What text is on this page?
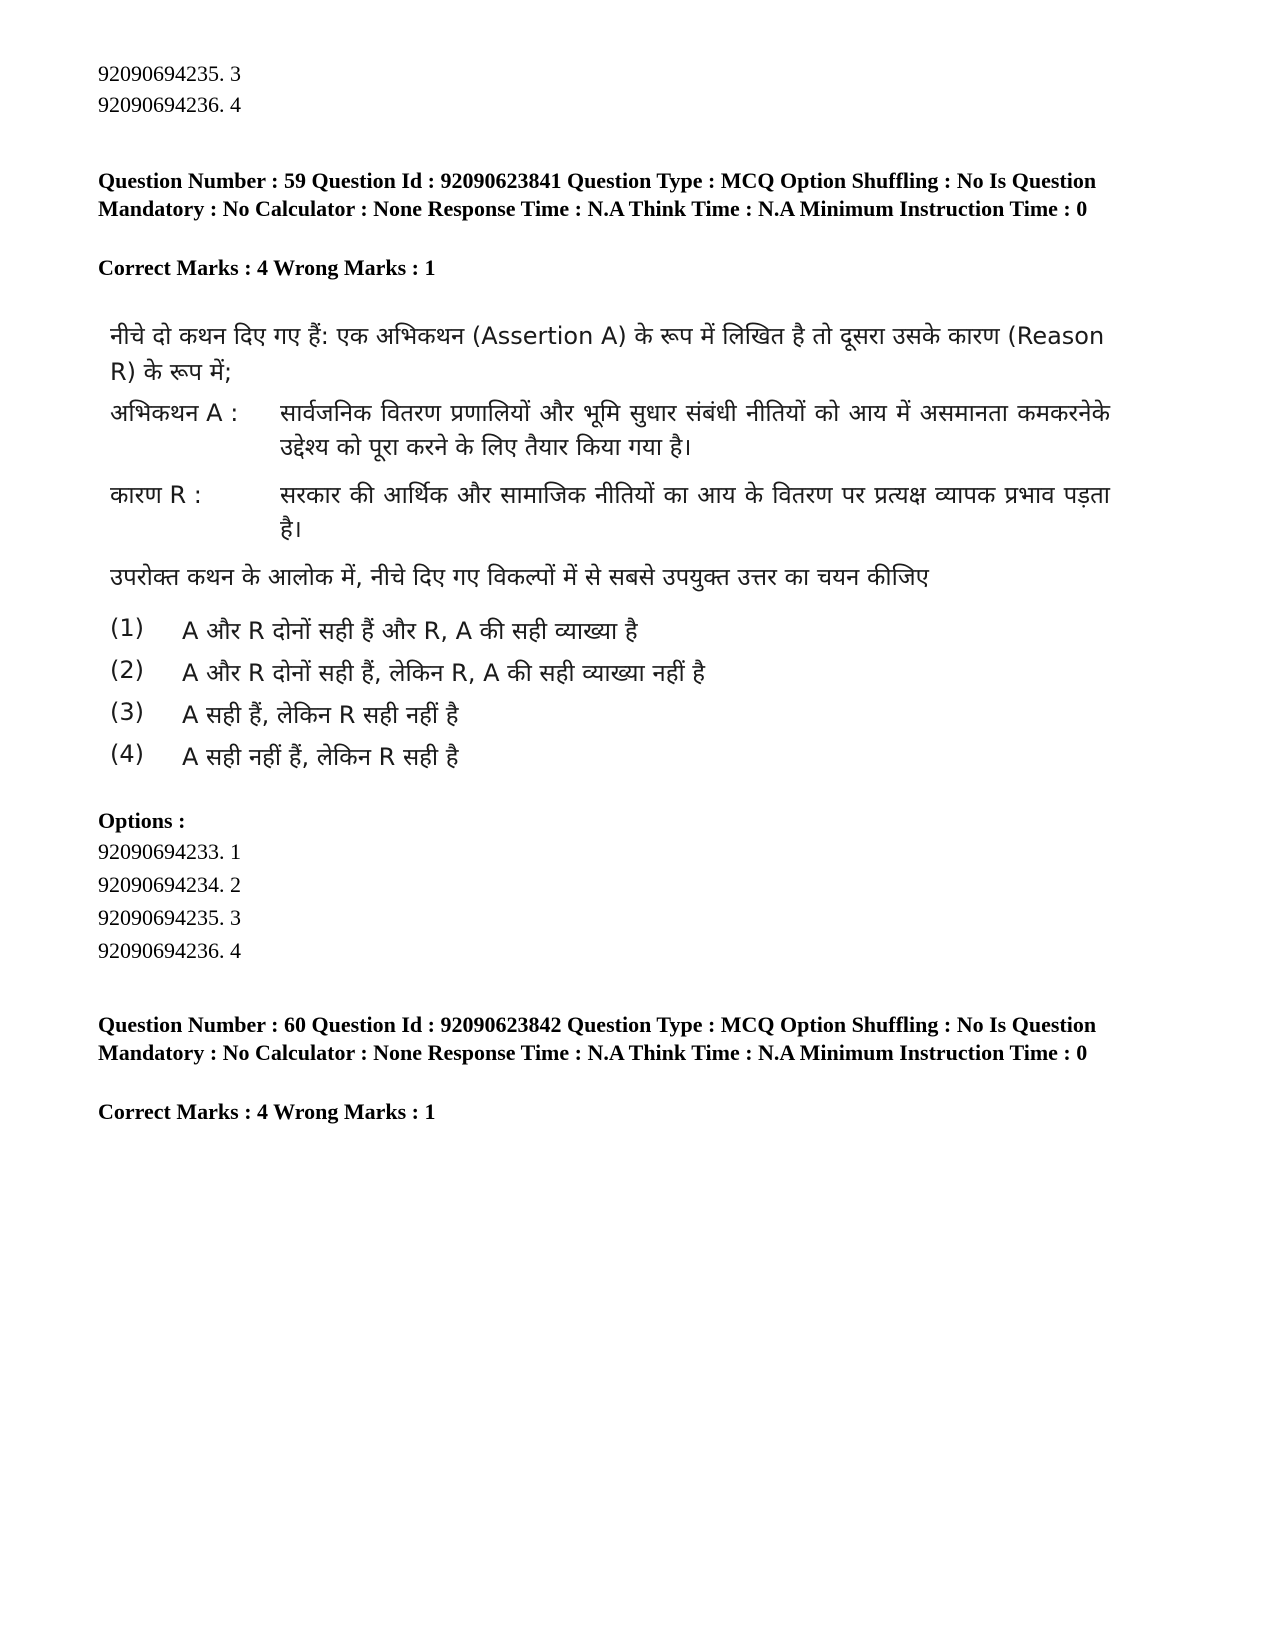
92090694235. 3
92090694236. 4
Question Number : 59 Question Id : 92090623841 Question Type : MCQ Option Shuffling : No Is Question Mandatory : No Calculator : None Response Time : N.A Think Time : N.A Minimum Instruction Time : 0
Correct Marks : 4 Wrong Marks : 1
नीचे दो कथन दिए गए हैं: एक अभिकथन (Assertion A) के रूप में लिखित है तो दूसरा उसके कारण (Reason R) के रूप में;
अभिकथन A : सार्वजनिक वितरण प्रणालियों और भूमि सुधार संबंधी नीतियों को आय में असमानता कमकरनेके उद्देश्य को पूरा करने के लिए तैयार किया गया है।
कारण R :	सरकार की आर्थिक और सामाजिक नीतियों का आय के वितरण पर प्रत्यक्ष व्यापक प्रभाव पड़ता है।
उपरोक्त कथन के आलोक में, नीचे दिए गए विकल्पों में से सबसे उपयुक्त उत्तर का चयन कीजिए
(1) A और R दोनों सही हैं और R, A की सही व्याख्या है
(2) A और R दोनों सही हैं, लेकिन R, A की सही व्याख्या नहीं है
(3) A सही हैं, लेकिन R सही नहीं है
(4) A सही नहीं हैं, लेकिन R सही है
Options :
92090694233. 1
92090694234. 2
92090694235. 3
92090694236. 4
Question Number : 60 Question Id : 92090623842 Question Type : MCQ Option Shuffling : No Is Question Mandatory : No Calculator : None Response Time : N.A Think Time : N.A Minimum Instruction Time : 0
Correct Marks : 4 Wrong Marks : 1
